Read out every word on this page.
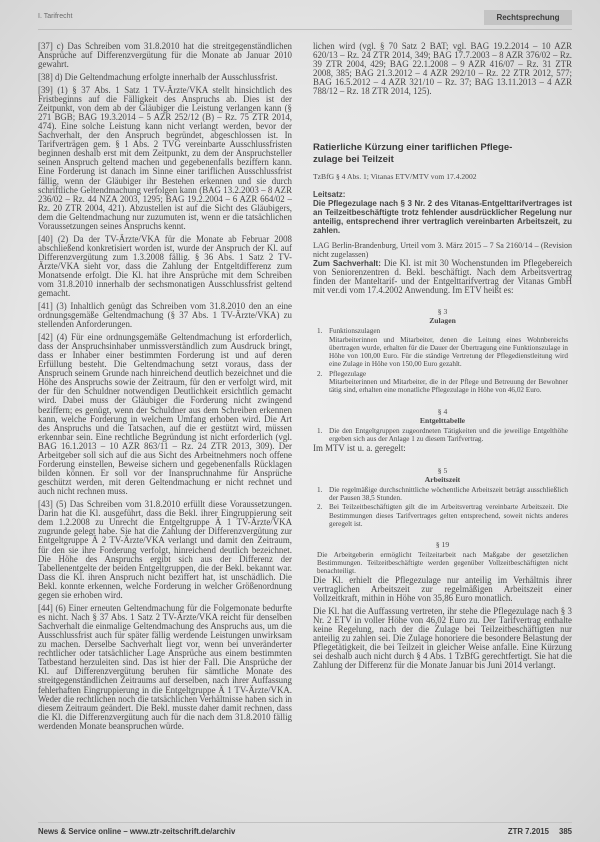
I. Tarifrecht	Rechtsprechung

[37] c) Das Schreiben vom 31.8.2010 hat die streitgegenständlichen Ansprüche auf Differenzvergütung für die Monate ab Januar 2010 gewahrt.

[38] d) Die Geltendmachung erfolgte innerhalb der Ausschlussfrist.

[39] (1) § 37 Abs. 1 Satz 1 TV-Ärzte/VKA stellt hinsichtlich des Fristbeginns auf die Fälligkeit des Anspruchs ab. Dies ist der Zeitpunkt, von dem ab der Gläubiger die Leistung verlangen kann (§ 271 BGB; BAG 19.3.2014 – 5 AZR 252/12 (B) – Rz. 75 ZTR 2014, 474). Eine solche Leistung kann nicht verlangt werden, bevor der Sachverhalt, der den Anspruch begründet, abgeschlossen ist. In Tarifverträgen gem. § 1 Abs. 2 TVG vereinbarte Ausschlussfristen beginnen deshalb erst mit dem Zeitpunkt, zu dem der Anspruchsteller seinen Anspruch geltend machen und gegebenenfalls beziffern kann. Eine Forderung ist danach im Sinne einer tariflichen Ausschlussfrist fällig, wenn der Gläubiger ihr Bestehen erkennen und sie durch schriftliche Geltendmachung verfolgen kann (BAG 13.2.2003 – 8 AZR 236/02 – Rz. 44 NZA 2003, 1295; BAG 19.2.2004 – 6 AZR 664/02 – Rz. 20 ZTR 2004, 421). Abzustellen ist auf die Sicht des Gläubigers, dem die Geltendmachung nur zuzumuten ist, wenn er die tatsächlichen Voraussetzungen seines Anspruchs kennt.

[40] (2) Da der TV-Ärzte/VKA für die Monate ab Februar 2008 abschließend konkretisiert worden ist, wurde der Anspruch der Kl. auf Differenzvergütung zum 1.3.2008 fällig. § 36 Abs. 1 Satz 2 TV-Ärzte/VKA sieht vor, dass die Zahlung der Entgeltdifferenz zum Monatsende erfolgt. Die Kl. hat ihre Ansprüche mit dem Schreiben vom 31.8.2010 innerhalb der sechsmonatigen Ausschlussfrist geltend gemacht.

[41] (3) Inhaltlich genügt das Schreiben vom 31.8.2010 den an eine ordnungsgemäße Geltendmachung (§ 37 Abs. 1 TV-Ärzte/VKA) zu stellenden Anforderungen.

[42] (4) Für eine ordnungsgemäße Geltendmachung ist erforderlich, dass der Anspruchsinhaber unmissverständlich zum Ausdruck bringt, dass er Inhaber einer bestimmten Forderung ist und auf deren Erfüllung besteht. Die Geltendmachung setzt voraus, dass der Anspruch seinem Grunde nach hinreichend deutlich bezeichnet und die Höhe des Anspruchs sowie der Zeitraum, für den er verfolgt wird, mit der für den Schuldner notwendigen Deutlichkeit ersichtlich gemacht wird. Dabei muss der Gläubiger die Forderung nicht zwingend beziffern; es genügt, wenn der Schuldner aus dem Schreiben erkennen kann, welche Forderung in welchem Umfang erhoben wird. Die Art des Anspruchs und die Tatsachen, auf die er gestützt wird, müssen erkennbar sein. Eine rechtliche Begründung ist nicht erforderlich (vgl. BAG 16.1.2013 – 10 AZR 863/11 – Rz. 24 ZTR 2013, 309). Der Arbeitgeber soll sich auf die aus Sicht des Arbeitnehmers noch offene Forderung einstellen, Beweise sichern und gegebenenfalls Rücklagen bilden können. Er soll vor der Inanspruchnahme für Ansprüche geschützt werden, mit deren Geltendmachung er nicht rechnet und auch nicht rechnen muss.

[43] (5) Das Schreiben vom 31.8.2010 erfüllt diese Voraussetzungen. Darin hat die Kl. ausgeführt, dass die Bekl. ihrer Eingruppierung seit dem 1.2.2008 zu Unrecht die Entgeltgruppe Ä 1 TV-Ärzte/VKA zugrunde gelegt habe. Sie hat die Zahlung der Differenzvergütung zur Entgeltgruppe Ä 2 TV-Ärzte/VKA verlangt und damit den Zeitraum, für den sie ihre Forderung verfolgt, hinreichend deutlich bezeichnet. Die Höhe des Anspruchs ergibt sich aus der Differenz der Tabellenentgelte der beiden Entgeltgruppen, die der Bekl. bekannt war. Dass die Kl. ihren Anspruch nicht beziffert hat, ist unschädlich. Die Bekl. konnte erkennen, welche Forderung in welcher Größenordnung gegen sie erhoben wird.

[44] (6) Einer erneuten Geltendmachung für die Folgemonate bedurfte es nicht. Nach § 37 Abs. 1 Satz 2 TV-Ärzte/VKA reicht für denselben Sachverhalt die einmalige Geltendmachung des Anspruchs aus, um die Ausschlussfrist auch für später fällig werdende Leistungen unwirksam zu machen. Derselbe Sachverhalt liegt vor, wenn bei unveränderter rechtlicher oder tatsächlicher Lage Ansprüche aus einem bestimmten Tatbestand herzuleiten sind. Das ist hier der Fall. Die Ansprüche der Kl. auf Differenzvergütung beruhen für sämtliche Monate des streitgegenständlichen Zeitraums auf derselben, nach ihrer Auffassung fehlerhaften Eingruppierung in die Entgeltgruppe Ä 1 TV-Ärzte/VKA. Weder die rechtlichen noch die tatsächlichen Verhältnisse haben sich in diesem Zeitraum geändert. Die Bekl. musste daher damit rechnen, dass die Kl. die Differenzvergütung auch für die nach dem 31.8.2010 fällig werdenden Monate beanspruchen würde.

lichen wird (vgl. § 70 Satz 2 BAT; vgl. BAG 19.2.2014 – 10 AZR 620/13 – Rz. 24 ZTR 2014, 349; BAG 17.7.2003 – 8 AZR 376/02 – Rz. 39 ZTR 2004, 429; BAG 22.1.2008 – 9 AZR 416/07 – Rz. 31 ZTR 2008, 385; BAG 21.3.2012 – 4 AZR 292/10 – Rz. 22 ZTR 2012, 577; BAG 16.5.2012 – 4 AZR 321/10 – Rz. 37; BAG 13.11.2013 – 4 AZR 788/12 – Rz. 18 ZTR 2014, 125).

Ratierliche Kürzung einer tariflichen Pflege-
zulage bei Teilzeit
TzBfG § 4 Abs. 1; Vitanas ETV/MTV vom 17.4.2002
Leitsatz:

Die Pflegezulage nach § 3 Nr. 2 des Vitanas-Entgelttarifvertrages ist an Teilzeitbeschäftigte trotz fehlender ausdrücklicher Regelung nur anteilig, entsprechend ihrer vertraglich vereinbarten Arbeitszeit, zu zahlen.

LAG Berlin-Brandenburg, Urteil vom 3. März 2015 – 7 Sa 2160/14 – (Revision nicht zugelassen)

Zum Sachverhalt: Die Kl. ist mit 30 Wochenstunden im Pflegebereich von Seniorenzentren d. Bekl. beschäftigt. Nach dem Arbeitsvertrag finden der Manteltarif- und der Entgelttarifvertrag der Vitanas GmbH mit ver.di vom 17.4.2002 Anwendung. Im ETV heißt es:

§ 3
Zulagen
1. Funktionszulagen
Mitarbeiterinnen und Mitarbeiter, denen die Leitung eines Wohnbereichs übertragen wurde, erhalten für die Dauer der Übertragung eine Funktionszulage in Höhe von 100,00 Euro. Für die ständige Vertretung der Pflegedienstleitung wird eine Zulage in Höhe von 150,00 Euro gezahlt.
2. Pflegezulage
Mitarbeiterinnen und Mitarbeiter, die in der Pflege und Betreuung der Bewohner tätig sind, erhalten eine monatliche Pflegezulage in Höhe von 46,02 Euro.
§ 4
Entgelttabelle
1. Die den Entgeltgruppen zugeordneten Tätigkeiten und die jeweilige Entgelthöhe ergeben sich aus der Anlage 1 zu diesem Tarifvertrag.

Im MTV ist u. a. geregelt:

§ 5
Arbeitszeit
1. Die regelmäßige durchschnittliche wöchentliche Arbeitszeit beträgt ausschließlich der Pausen 38,5 Stunden.
2. Bei Teilzeitbeschäftigten gilt die im Arbeitsvertrag vereinbarte Arbeitszeit. Die Bestimmungen dieses Tarifvertrages gelten entsprechend, soweit nichts anderes geregelt ist.
§ 19
Die Arbeitgeberin ermöglicht Teilzeitarbeit nach Maßgabe der gesetzlichen Bestimmungen. Teilzeitbeschäftigte werden gegenüber Vollzeitbeschäftigten nicht benachteiligt.

Die Kl. erhielt die Pflegezulage nur anteilig im Verhältnis ihrer vertraglichen Arbeitszeit zur regelmäßigen Arbeitszeit einer Vollzeitkraft, mithin in Höhe von 35,86 Euro monatlich.

Die Kl. hat die Auffassung vertreten, ihr stehe die Pflegezulage nach § 3 Nr. 2 ETV in voller Höhe von 46,02 Euro zu. Der Tarifvertrag enthalte keine Regelung, nach der die Zulage bei Teilzeitbeschäftigten nur anteilig zu zahlen sei. Die Zulage honoriere die besondere Belastung der Pflegetätigkeit, die bei Teilzeit in gleicher Weise anfalle. Eine Kürzung sei deshalb auch nicht durch § 4 Abs. 1 TzBfG gerechtfertigt. Sie hat die Zahlung der Differenz für die Monate Januar bis Juni 2014 verlangt.

News & Service online – www.ztr-zeitschrift.de/archiv	ZTR 7.2015 385
